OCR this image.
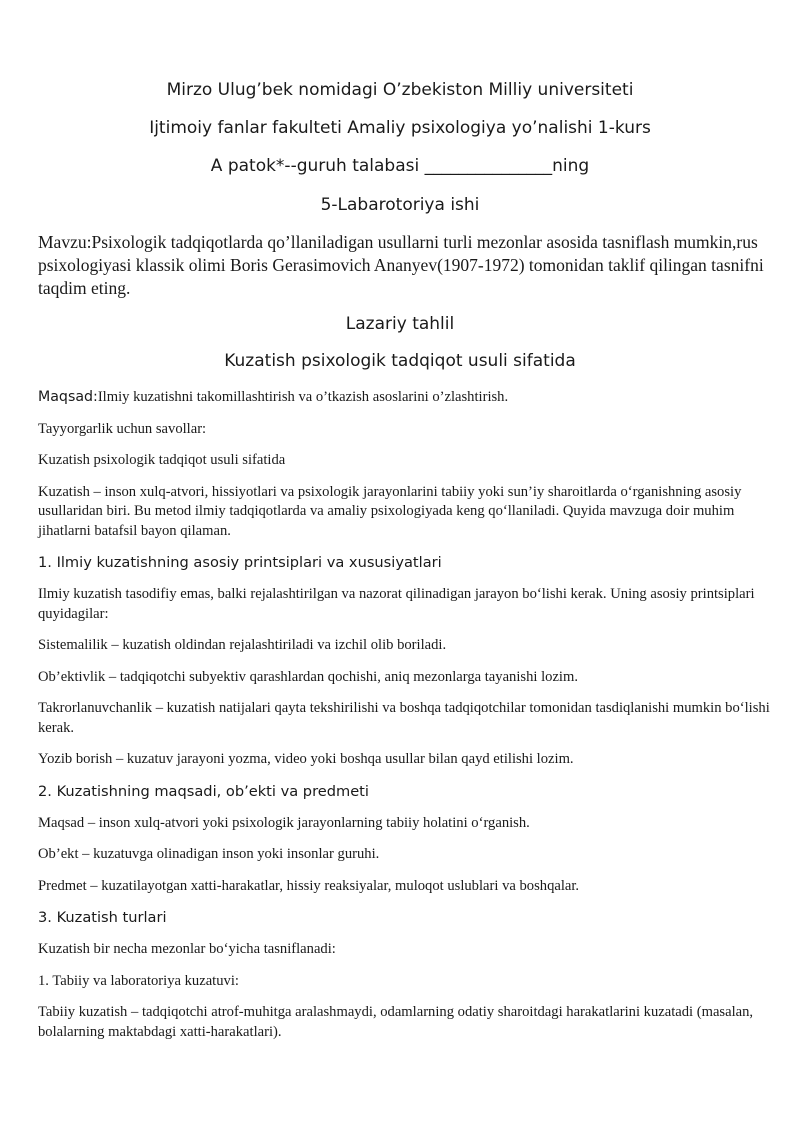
Mirzo Ulug’bek nomidagi O’zbekiston Milliy universiteti

Ijtimoiy fanlar fakulteti Amaliy psixologiya yo’nalishi 1-kurs

A patok*--guruh talabasi _______________ning

5-Labarotoriya ishi

Mavzu:Psixologik tadqiqotlarda qo’llaniladigan usullarni turli mezonlar asosida tasniflash mumkin,rus psixologiyasi klassik olimi Boris Gerasimovich Ananyev(1907-1972) tomonidan taklif qilingan tasnifni taqdim eting.

Lazariy tahlil

Kuzatish psixologik tadqiqot usuli sifatida

Maqsad:Ilmiy kuzatishni takomillashtirish va o’tkazish asoslarini o’zlashtirish.

Tayyorgarlik uchun savollar:

Kuzatish psixologik tadqiqot usuli sifatida

Kuzatish – inson xulq-atvori, hissiyotlari va psixologik jarayonlarini tabiiy yoki sun’iy sharoitlarda o‘rganishning asosiy usullaridan biri. Bu metod ilmiy tadqiqotlarda va amaliy psixologiyada keng qo‘llaniladi. Quyida mavzuga doir muhim jihatlarni batafsil bayon qilaman.

1. Ilmiy kuzatishning asosiy printsiplari va xususiyatlari

Ilmiy kuzatish tasodifiy emas, balki rejalashtirilgan va nazorat qilinadigan jarayon bo‘lishi kerak. Uning asosiy printsiplari quyidagilar:

Sistemalilik – kuzatish oldindan rejalashtiriladi va izchil olib boriladi.

Ob’ektivlik – tadqiqotchi subyektiv qarashlardan qochishi, aniq mezonlarga tayanishi lozim.

Takrorlanuvchanlik – kuzatish natijalari qayta tekshirilishi va boshqa tadqiqotchilar tomonidan tasdiqlanishi mumkin bo‘lishi kerak.

Yozib borish – kuzatuv jarayoni yozma, video yoki boshqa usullar bilan qayd etilishi lozim.

2. Kuzatishning maqsadi, ob’ekti va predmeti

Maqsad – inson xulq-atvori yoki psixologik jarayonlarning tabiiy holatini o‘rganish.

Ob’ekt – kuzatuvga olinadigan inson yoki insonlar guruhi.

Predmet – kuzatilayotgan xatti-harakatlar, hissiy reaksiyalar, muloqot uslublari va boshqalar.

3. Kuzatish turlari

Kuzatish bir necha mezonlar bo‘yicha tasniflanadi:

1. Tabiiy va laboratoriya kuzatuvi:

Tabiiy kuzatish – tadqiqotchi atrof-muhitga aralashmaydi, odamlarning odatiy sharoitdagi harakatlarini kuzatadi (masalan, bolalarning maktabdagi xatti-harakatlari).
